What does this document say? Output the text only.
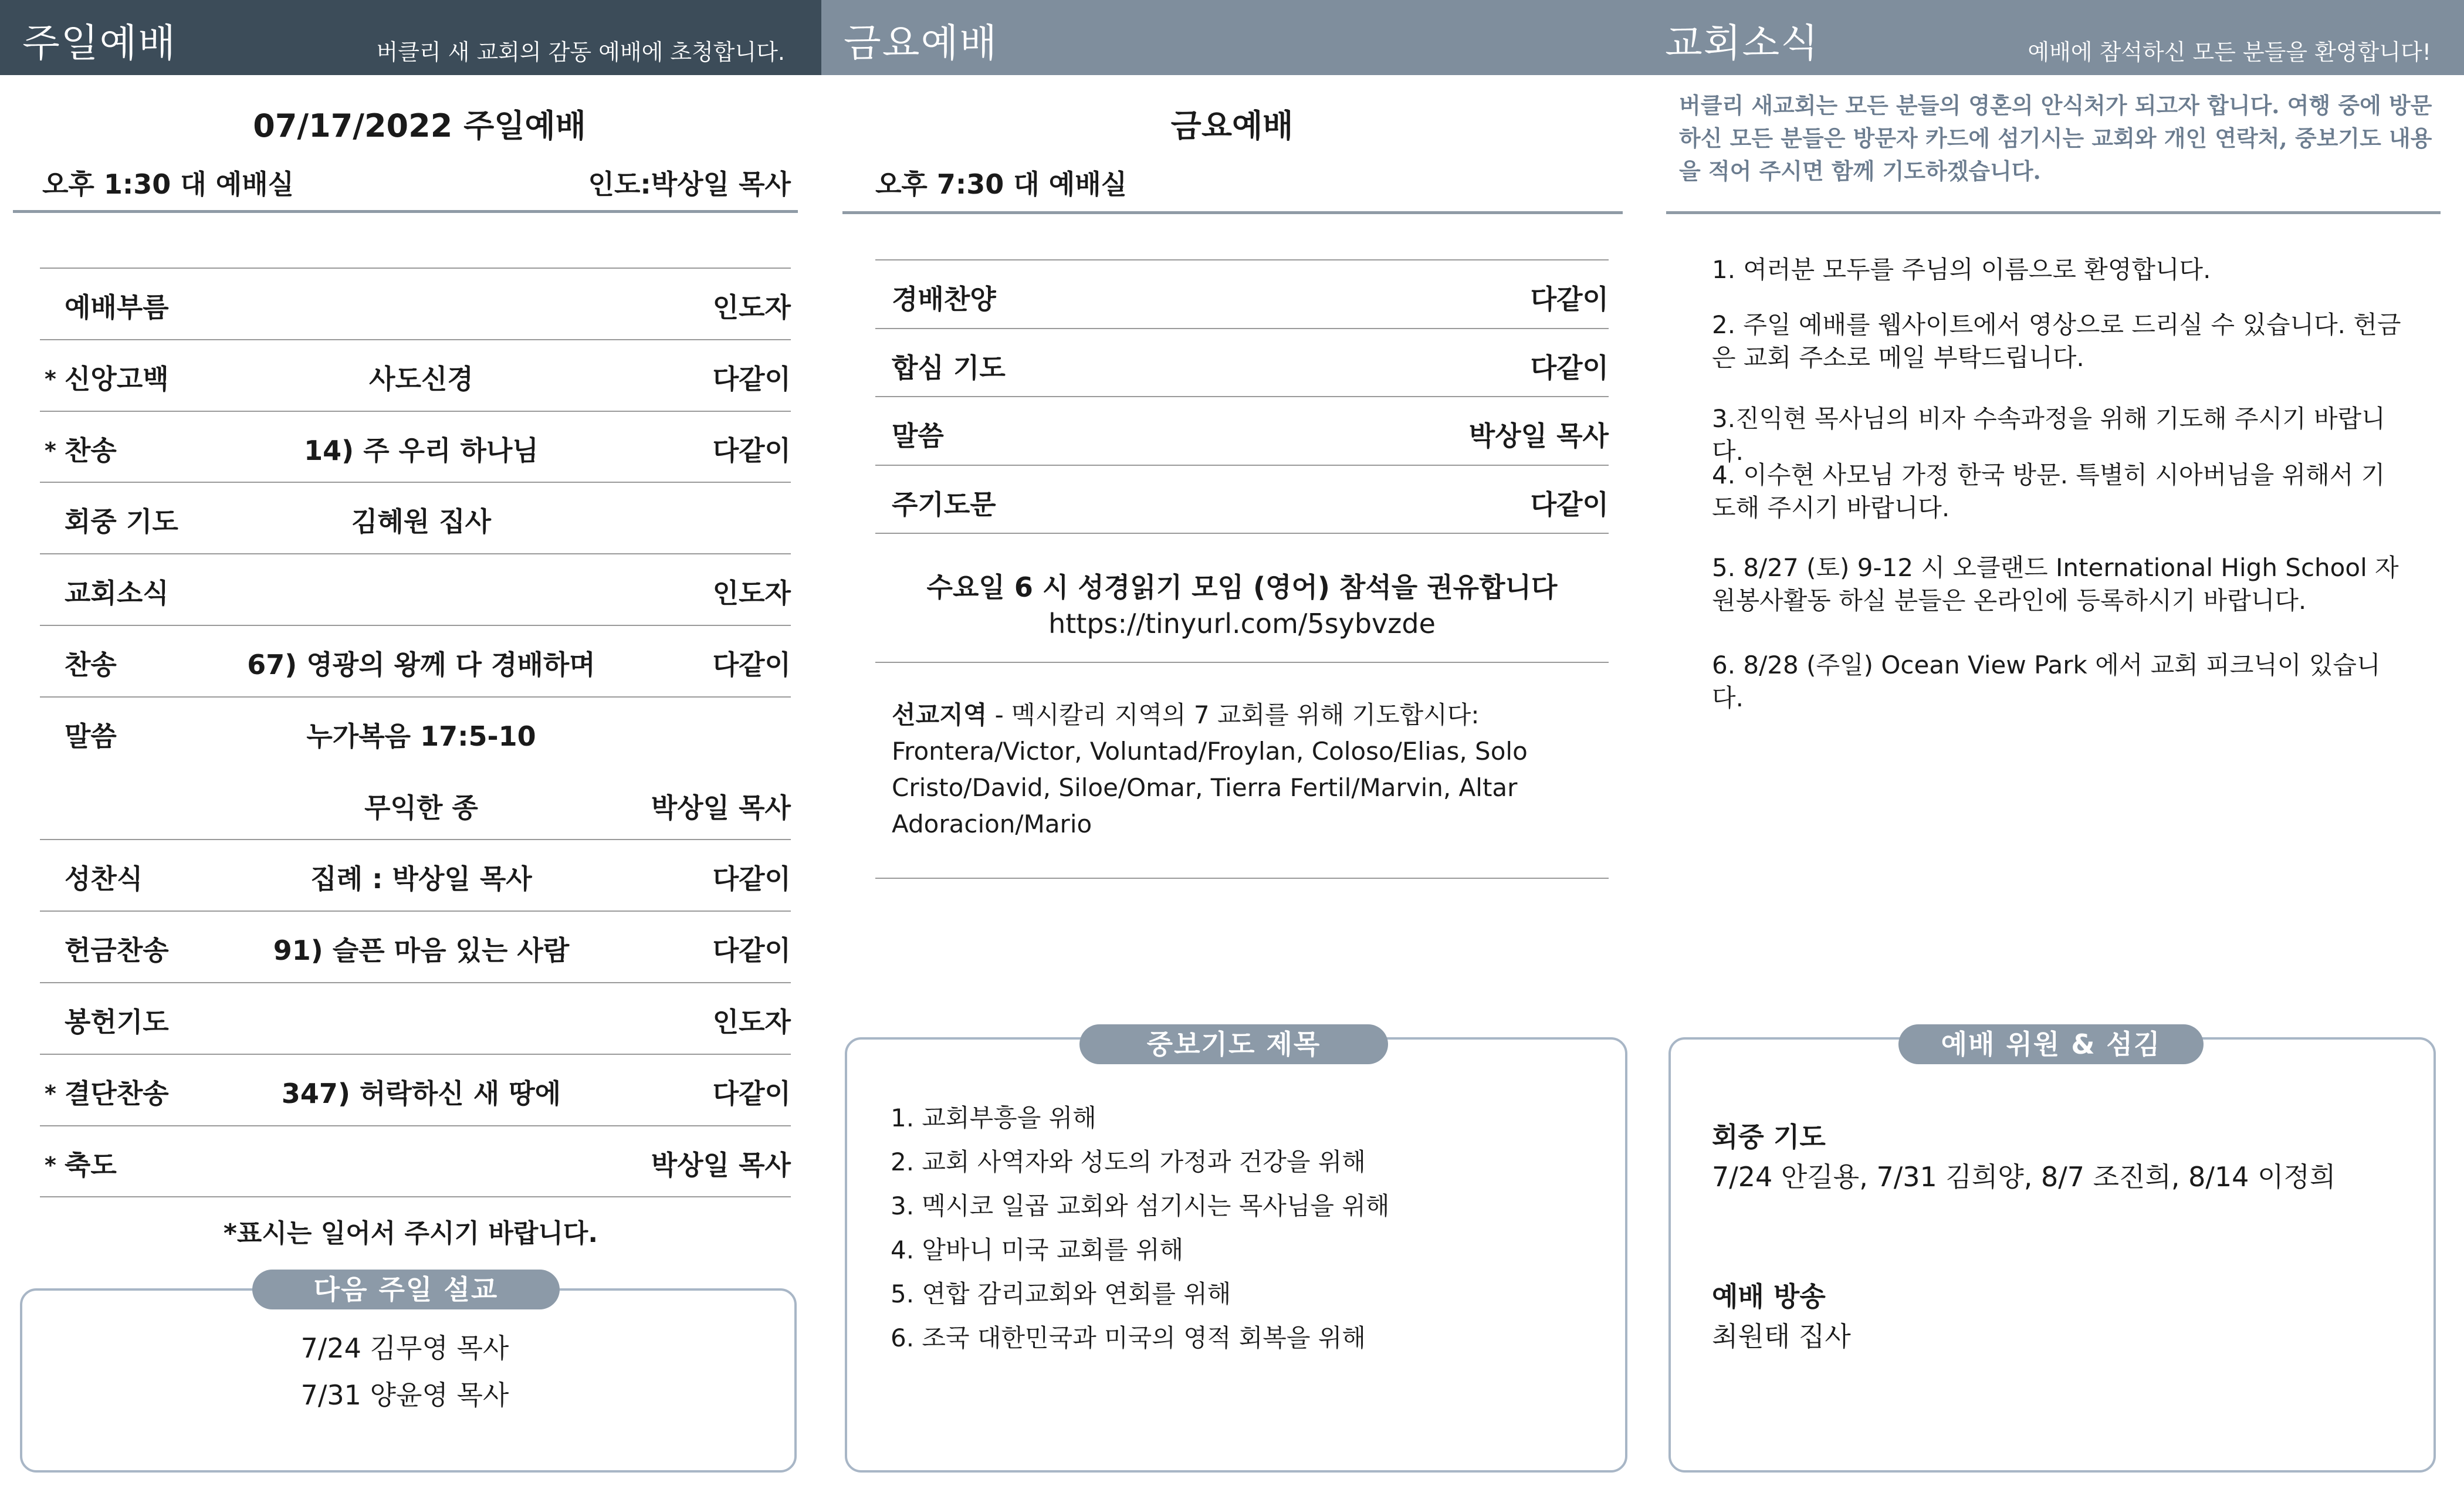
주일예배	버클리 새 교회의 감동 예배에 초청합니다.
07/17/2022 주일예배
오후 1:30 대 예배실	인도:박상일 목사
예배부름	인도자
* 신앙고백	사도신경	다같이
* 찬송	14) 주 우리 하나님	다같이
회중 기도	김혜원 집사
교회소식	인도자
찬송	67) 영광의 왕께 다 경배하며	다같이
말씀	누가복음 17:5-10
무익한 종	박상일 목사
성찬식	집례 : 박상일 목사	다같이
헌금찬송	91) 슬픈 마음 있는 사람	다같이
봉헌기도	인도자
* 결단찬송	347) 허락하신 새 땅에	다같이
* 축도	박상일 목사
*표시는 일어서 주시기 바랍니다.
다음 주일 설교
7/24 김무영 목사
7/31 양윤영 목사
금요예배
금요예배
오후 7:30 대 예배실
경배찬양	다같이
합심 기도	다같이
말씀	박상일 목사
주기도문	다같이
수요일 6 시 성경읽기 모임 (영어) 참석을 권유합니다
https://tinyurl.com/5sybvzde
선교지역 - 멕시칼리 지역의 7 교회를 위해 기도합시다: Frontera/Victor, Voluntad/Froylan, Coloso/Elias, Solo Cristo/David, Siloe/Omar, Tierra Fertil/Marvin, Altar Adoracion/Mario
중보기도 제목
1. 교회부흥을 위해
2. 교회 사역자와 성도의 가정과 건강을 위해
3. 멕시코 일곱 교회와 섬기시는 목사님을 위해
4. 알바니 미국 교회를 위해
5. 연합 감리교회와 연회를 위해
6. 조국 대한민국과 미국의 영적 회복을 위해
교회소식	예배에 참석하신 모든 분들을 환영합니다!
버클리 새교회는 모든 분들의 영혼의 안식처가 되고자 합니다. 여행 중에 방문하신 모든 분들은 방문자 카드에 섬기시는 교회와 개인 연락처, 중보기도 내용을 적어 주시면 함께 기도하겠습니다.
1. 여러분 모두를 주님의 이름으로 환영합니다.
2. 주일 예배를 웹사이트에서 영상으로 드리실 수 있습니다. 헌금은 교회 주소로 메일 부탁드립니다.
3.진익현 목사님의 비자 수속과정을 위해 기도해 주시기 바랍니다.
4. 이수현 사모님 가정 한국 방문. 특별히 시아버님을 위해서 기도해 주시기 바랍니다.
5. 8/27 (토) 9-12 시 오클랜드 International High School 자원봉사활동 하실 분들은 온라인에 등록하시기 바랍니다.
6. 8/28 (주일) Ocean View Park 에서 교회 피크닉이 있습니다.
예배 위원 & 섬김
회중 기도
7/24 안길용, 7/31 김희양, 8/7 조진희, 8/14 이정희
예배 방송
최원태 집사
